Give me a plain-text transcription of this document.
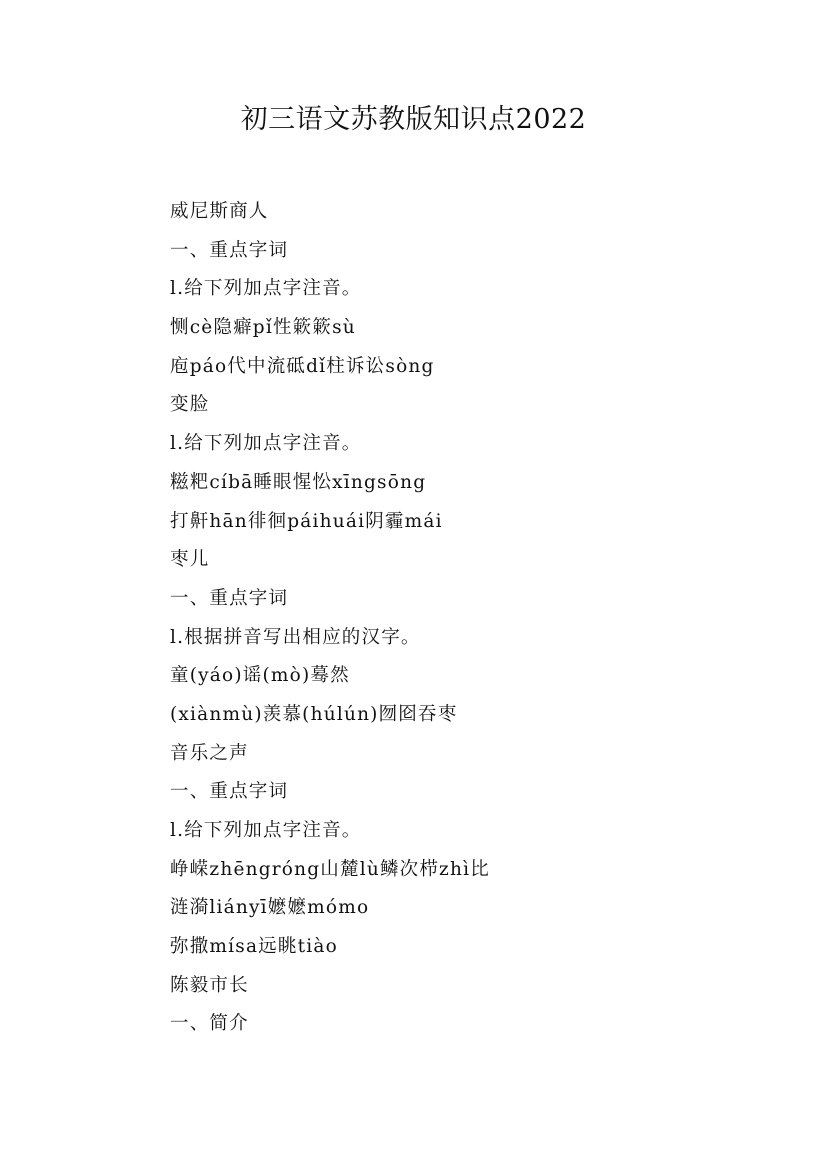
初三语文苏教版知识点2022
威尼斯商人
一、重点字词
l.给下列加点字注音。
恻cè隐癖pǐ性簌簌sù
庖páo代中流砥dǐ柱诉讼sòng
变脸
l.给下列加点字注音。
糍粑cíbā睡眼惺忪xīngsōng
打鼾hān徘徊páihuái阴霾mái
枣儿
一、重点字词
l.根据拼音写出相应的汉字。
童(yáo)谣(mò)蓦然
(xiànmù)羡慕(húlún)囫囵吞枣
音乐之声
一、重点字词
l.给下列加点字注音。
峥嵘zhēngróng山麓lù鳞次栉zhì比
涟漪liányī嬷嬷mómo
弥撒mísa远眺tiào
陈毅市长
一、简介
